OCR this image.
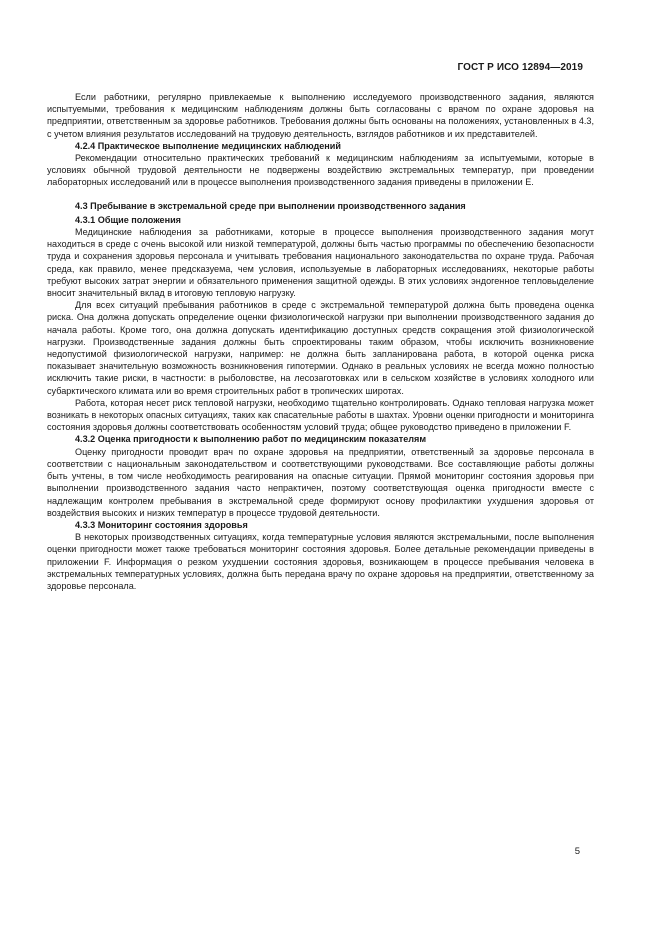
ГОСТ Р ИСО 12894—2019

Если работники, регулярно привлекаемые к выполнению исследуемого производственного задания, являются испытуемыми, требования к медицинским наблюдениям должны быть согласованы с врачом по охране здоровья на предприятии, ответственным за здоровье работников. Требования должны быть основаны на положениях, установленных в 4.3, с учетом влияния результатов исследований на трудовую деятельность, взглядов работников и их представителей.

4.2.4 Практическое выполнение медицинских наблюдений

Рекомендации относительно практических требований к медицинским наблюдениям за испытуемыми, которые в условиях обычной трудовой деятельности не подвержены воздействию экстремальных температур, при проведении лабораторных исследований или в процессе выполнения производственного задания приведены в приложении Е.

4.3 Пребывание в экстремальной среде при выполнении производственного задания
4.3.1 Общие положения

Медицинские наблюдения за работниками, которые в процессе выполнения производственного задания могут находиться в среде с очень высокой или низкой температурой, должны быть частью программы по обеспечению безопасности труда и сохранения здоровья персонала и учитывать требования национального законодательства по охране труда. Рабочая среда, как правило, менее предсказуема, чем условия, используемые в лабораторных исследованиях, некоторые работы требуют высоких затрат энергии и обязательного применения защитной одежды. В этих условиях эндогенное тепловыделение вносит значительный вклад в итоговую тепловую нагрузку.

Для всех ситуаций пребывания работников в среде с экстремальной температурой должна быть проведена оценка риска. Она должна допускать определение оценки физиологической нагрузки при выполнении производственного задания до начала работы. Кроме того, она должна допускать идентификацию доступных средств сокращения этой физиологической нагрузки. Производственные задания должны быть спроектированы таким образом, чтобы исключить возникновение недопустимой физиологической нагрузки, например: не должна быть запланирована работа, в которой оценка риска показывает значительную возможность возникновения гипотермии. Однако в реальных условиях не всегда можно полностью исключить такие риски, в частности: в рыболовстве, на лесозаготовках или в сельском хозяйстве в условиях холодного или субарктического климата или во время строительных работ в тропических широтах.

Работа, которая несет риск тепловой нагрузки, необходимо тщательно контролировать. Однако тепловая нагрузка может возникать в некоторых опасных ситуациях, таких как спасательные работы в шахтах. Уровни оценки пригодности и мониторинга состояния здоровья должны соответствовать особенностям условий труда; общее руководство приведено в приложении F.

4.3.2 Оценка пригодности к выполнению работ по медицинским показателям

Оценку пригодности проводит врач по охране здоровья на предприятии, ответственный за здоровье персонала в соответствии с национальным законодательством и соответствующими руководствами. Все составляющие работы должны быть учтены, в том числе необходимость реагирования на опасные ситуации. Прямой мониторинг состояния здоровья при выполнении производственного задания часто непрактичен, поэтому соответствующая оценка пригодности вместе с надлежащим контролем пребывания в экстремальной среде формируют основу профилактики ухудшения здоровья от воздействия высоких и низких температур в процессе трудовой деятельности.

4.3.3 Мониторинг состояния здоровья

В некоторых производственных ситуациях, когда температурные условия являются экстремальными, после выполнения оценки пригодности может также требоваться мониторинг состояния здоровья. Более детальные рекомендации приведены в приложении F. Информация о резком ухудшении состояния здоровья, возникающем в процессе пребывания человека в экстремальных температурных условиях, должна быть передана врачу по охране здоровья на предприятии, ответственному за здоровье персонала.

5
